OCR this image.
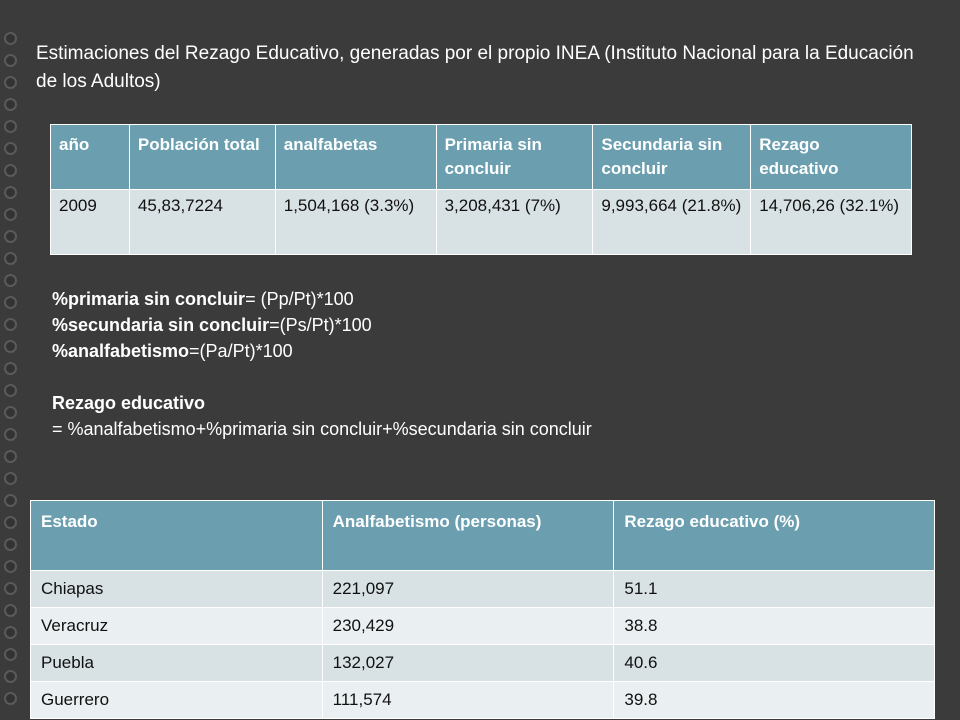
Estimaciones del Rezago Educativo, generadas por el propio INEA (Instituto Nacional para la Educación de los Adultos)
año	Población total	analfabetas	Primaria sin concluir	Secundaria sin concluir	Rezago educativo
2009	45,83,7224	1,504,168 (3.3%)	3,208,431 (7%)	9,993,664 (21.8%)	14,706,26 (32.1%)
%primaria sin concluir= (Pp/Pt)*100
%secundaria sin concluir=(Ps/Pt)*100
%analfabetismo=(Pa/Pt)*100
Rezago educativo
= %analfabetismo+%primaria sin concluir+%secundaria sin concluir
Estado	Analfabetismo (personas)	Rezago educativo (%)
Chiapas	221,097	51.1
Veracruz	230,429	38.8
Puebla	132,027	40.6
Guerrero	111,574	39.8
